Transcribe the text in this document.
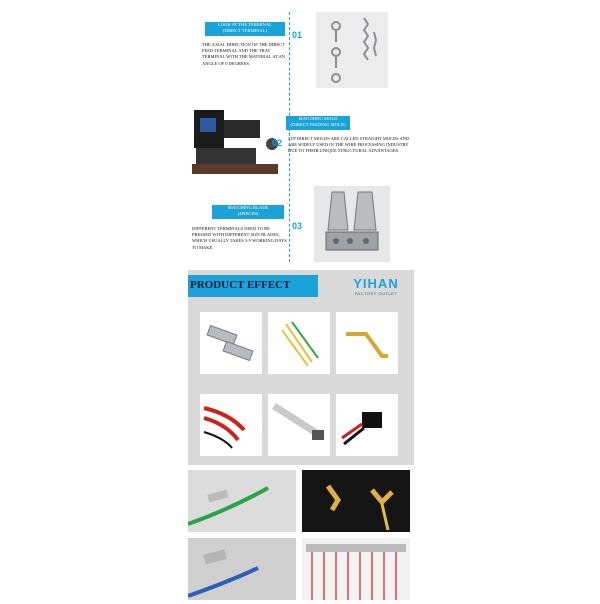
LOOK AT THE TERMINAL
(DIRECT TERMINAL)	01
THE AXIAL DIRECTION OF THE DIRECT FEED TERMINAL AND THE TRAY TERMINAL WITH THE MATERIAL AT AN ANGLE OF 0 DEGREES.
MATCHING MOLD
(DIRECT FEEDING MOLD)
02 STP DIRECT MOLDS ARE CALLED STRAIGHT MOLDS AND ARE WIDELY USED IN THE WIRE PROCESSING INDUSTRY DUE TO THEIR UNIQUE STRUCTURAL ADVANTAGES.
MATCHING BLADE
(4PIECES)
03
DIFFERENT TERMINALS NEED TO BE PRESSED WITH DIFFERENT SIZE BLADES, WHICH USUALLY TAKES 3-5 WORKING DAYS TO MAKE.
PRODUCT EFFECT	YIHAN
FACTORY OUTLET
